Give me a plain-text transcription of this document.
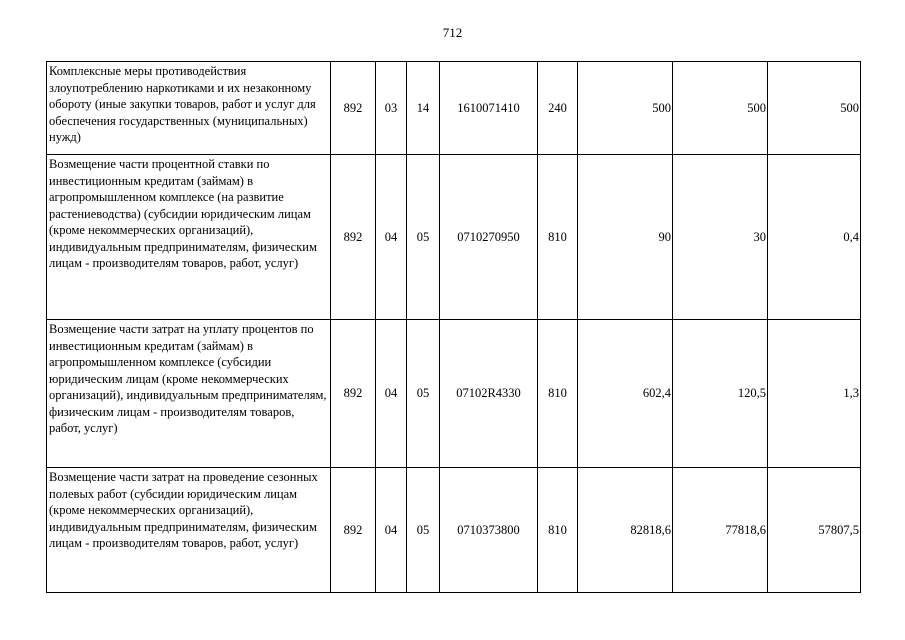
712
Комплексные меры противодействия злоупотреблению наркотиками и их незаконному обороту (иные закупки товаров, работ и услуг для обеспечения государственных (муниципальных) нужд)	892	03	14	1610071410	240	500	500	500
Возмещение части процентной ставки по инвестиционным кредитам (займам) в агропромышленном комплексе (на развитие растениеводства) (субсидии юридическим лицам (кроме некоммерческих организаций), индивидуальным предпринимателям, физическим лицам - производителям товаров, работ, услуг)	892	04	05	0710270950	810	90	30	0,4
Возмещение части затрат на уплату процентов по инвестиционным кредитам (займам) в агропромышленном комплексе (субсидии юридическим лицам (кроме некоммерческих организаций), индивидуальным предпринимателям, физическим лицам - производителям товаров, работ, услуг)	892	04	05	07102R4330	810	602,4	120,5	1,3
Возмещение части затрат на проведение сезонных полевых работ (субсидии юридическим лицам (кроме некоммерческих организаций), индивидуальным предпринимателям, физическим лицам - производителям товаров, работ, услуг)	892	04	05	0710373800	810	82818,6	77818,6	57807,5
